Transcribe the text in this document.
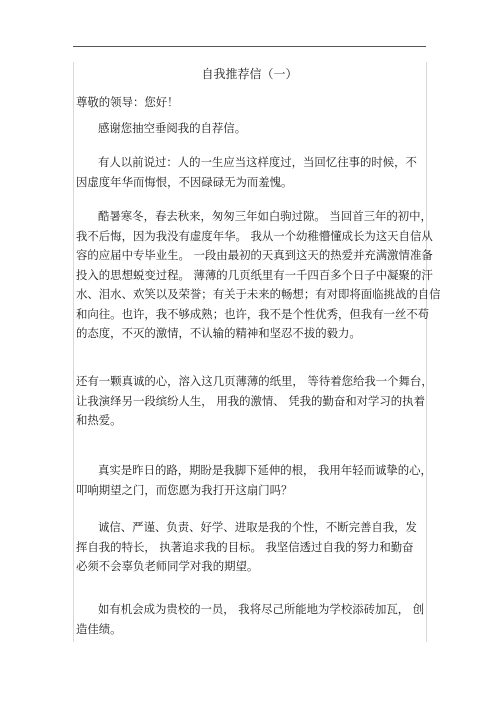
自我推荐信（一）
尊敬的领导：您好！
感谢您抽空垂阅我的自荐信。
有人以前说过：人的一生应当这样度过，当回忆往事的时候，不
因虚度年华而悔恨，不因碌碌无为而羞愧。
酷暑寒冬，春去秋来，匆匆三年如白驹过隙。 当回首三年的初中，
我不后悔，因为我没有虚度年华。 我从一个幼稚懵懂成长为这天自信从
容的应届中专毕业生。 一段由最初的天真到这天的热爱并充满激情准备
投入的思想蜕变过程。 薄薄的几页纸里有一千四百多个日子中凝聚的汗
水、泪水、欢笑以及荣誉；有关于未来的畅想；有对即将面临挑战的自信
和向往。也许，我不够成熟；也许，我不是个性优秀，但我有一丝不苟
的态度，不灭的激情，不认输的精神和坚忍不拔的毅力。
还有一颗真诚的心，溶入这几页薄薄的纸里， 等待着您给我一个舞台，
让我演绎另一段缤纷人生， 用我的激情、 凭我的勤奋和对学习的执着
和热爱。
真实是昨日的路，期盼是我脚下延伸的根， 我用年轻而诚挚的心，
叩响期望之门，而您愿为我打开这扇门吗？
诚信、严谨、负责、好学、进取是我的个性，不断完善自我，发
挥自我的特长， 执著追求我的目标。 我坚信透过自我的努力和勤奋
必须不会辜负老师同学对我的期望。
如有机会成为贵校的一员， 我将尽己所能地为学校添砖加瓦， 创
造佳绩。
